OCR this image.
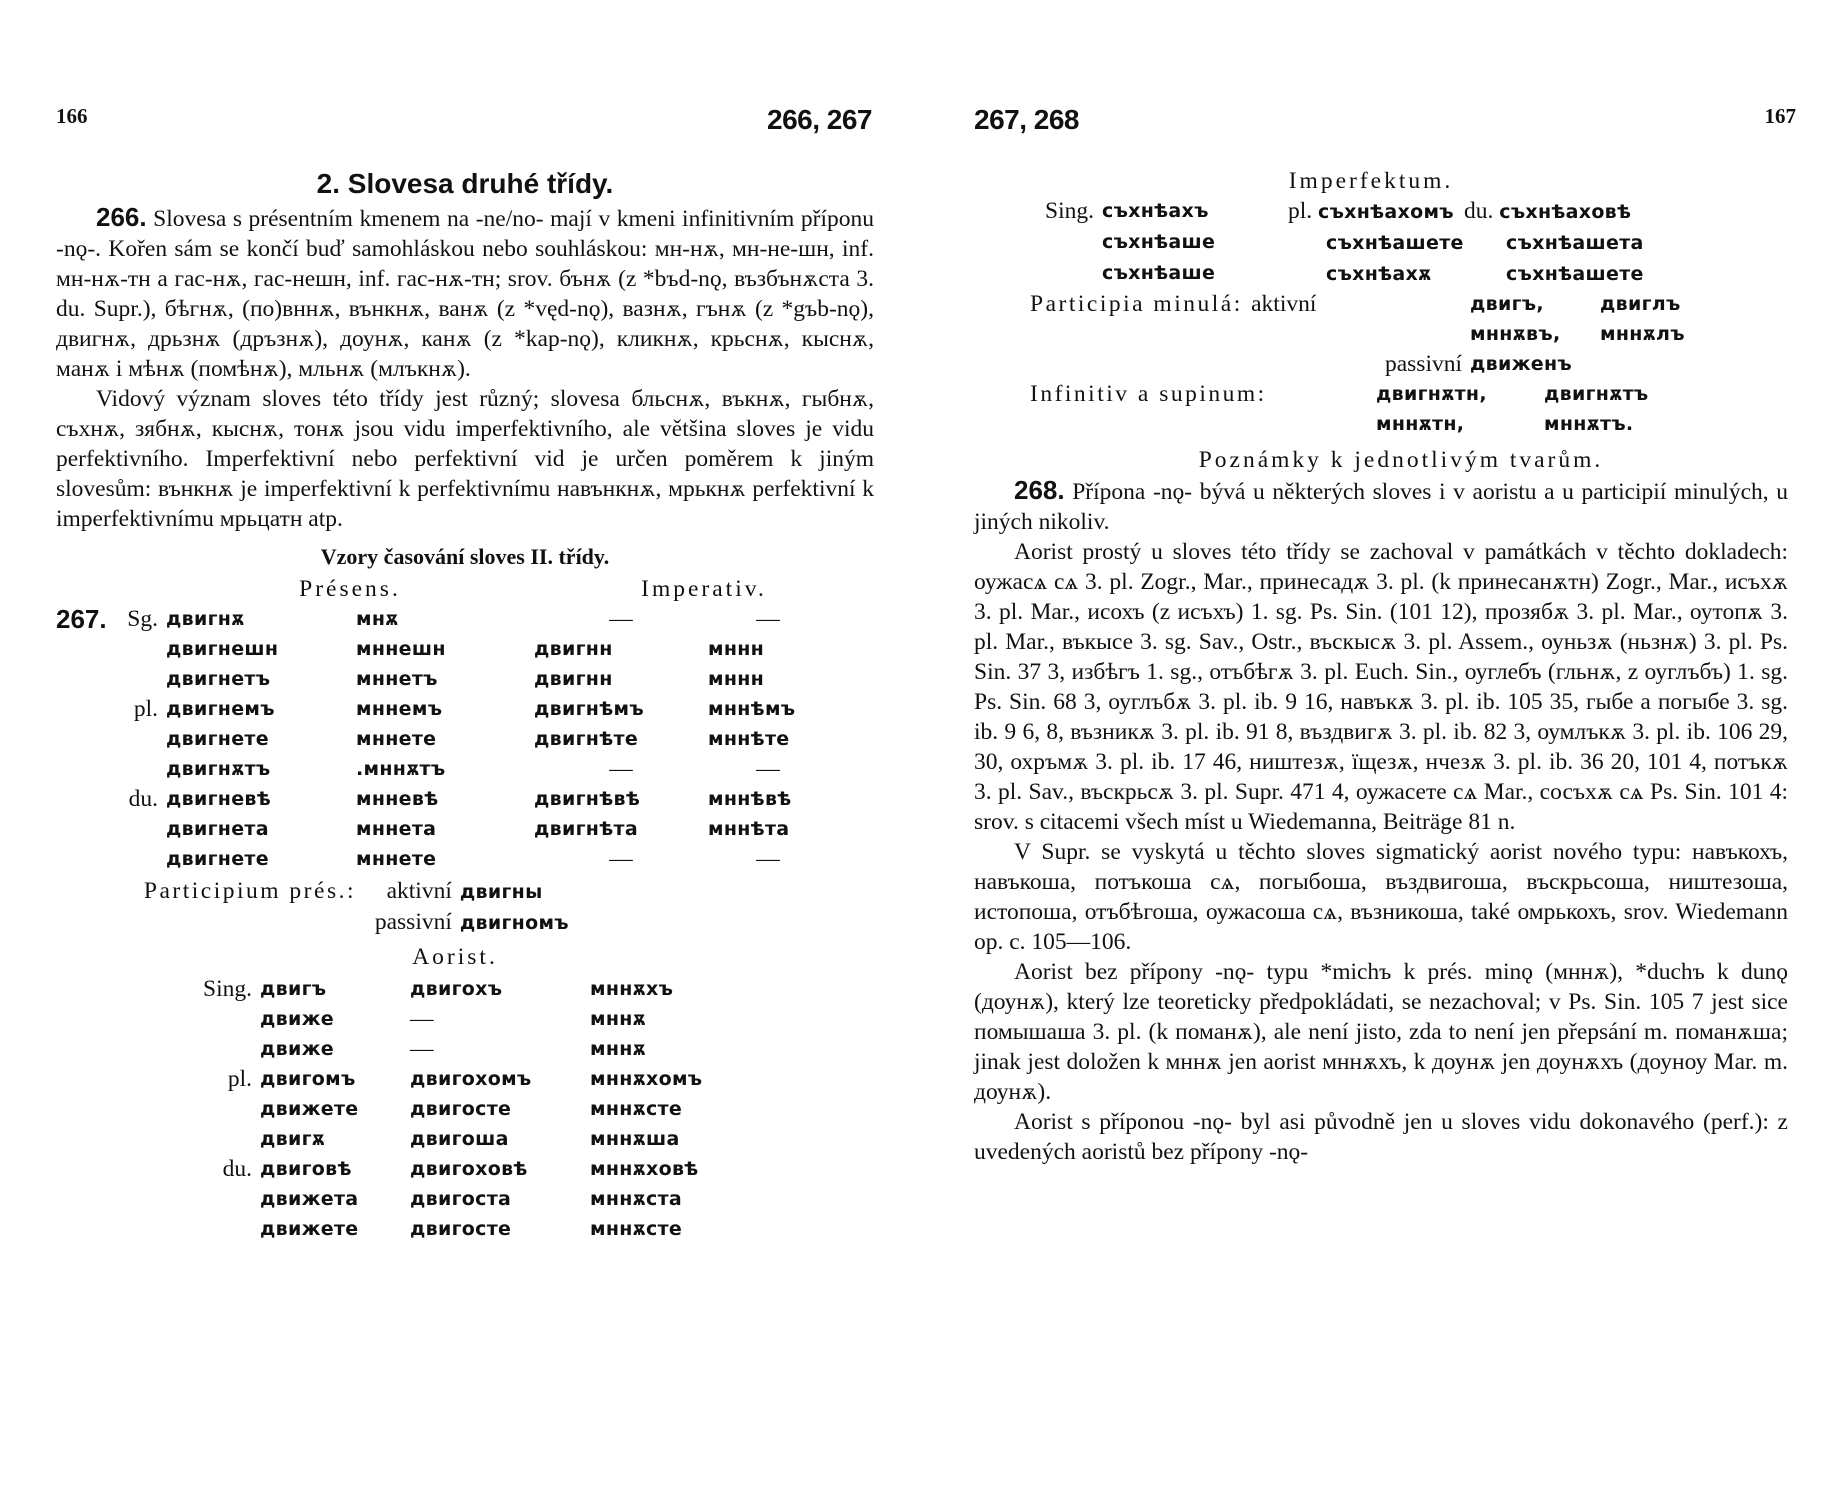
166	266, 267
2. Slovesa druhé třídy.

266. Slovesa s présentním kmenem na -ne/no- mají v kmeni infinitivním příponu -nǫ-. Kořen sám se končí buď samohláskou nebo souhláskou: мн-нѫ, мн-не-шн, inf. мн-нѫ-тн a гас-нѫ, гас-нешн, inf. гас-нѫ-тн; srov. бънѫ (z *bъd-nǫ, възбънѫста 3. du. Supr.), бѣгнѫ, (по)вннѫ, вънкнѫ, ванѫ (z *vęd-nǫ), вазнѫ, гънѫ (z *gъb-nǫ), двигнѫ, дрьзнѫ (дръзнѫ), доунѫ, канѫ (z *kap-nǫ), кликнѫ, крьснѫ, кыснѫ, манѫ i мѣнѫ (помѣнѫ), мльнѫ (млъкнѫ).

Vidový význam sloves této třídy jest různý; slovesa бльснѫ, въкнѫ, гыбнѫ, съхнѫ, зябнѫ, кыснѫ, тонѫ jsou vidu imperfektivního, ale většina sloves je vidu perfektivního. Imperfektivní nebo perfektivní vid je určen poměrem k jiným slovesům: вънкнѫ je imperfektivní k perfektivnímu навънкнѫ, мрькнѫ perfektivní k imperfektivnímu мрьцатн atp.

Vzory časování sloves II. třídy.
Présens.	Imperativ.
267. Sg. двигнѫ	мнѫ	—	—
двигнешн	мннешн	двигнн	мннн
двигнетъ	мннетъ	двигнн	мннн
pl. двигнемъ	мннемъ	двигнѣмъ	мннѣмъ
двигнете	мннете	двигнѣте	мннѣте
двигнѫтъ	.мннѫтъ	—	—
du. двигневѣ	мнневѣ	двигнѣвѣ	мннѣвѣ
двигнета	мннета	двигнѣта	мннѣта
двигнете	мннете	—	—
Participium prés.: aktivní двигны
passivní двигномъ
Aorist.
Sing. двигъ	двигохъ	мннѫхъ
движе	—	мннѫ
движе	—	мннѫ
pl. двигомъ	двигохомъ	мннѫхомъ
движете	двигосте	мннѫсте
двигѫ	двигоша	мннѫша
du. двиговѣ	двигоховѣ	мннѫховѣ
движета	двигоста	мннѫста
движете	двигосте	мннѫсте
267, 268	167
Imperfektum.
Sing. съхнѣахъ	pl. съхнѣахомъ du. съхнѣаховѣ
съхнѣаше	съхнѣашете	съхнѣашета
съхнѣаше	съхнѣахѫ	съхнѣашете
Participia minulá: aktivní	двигъ,	двиглъ
мннѫвъ,	мннѫлъ
passivní движенъ
Infinitiv a supinum:	двигнѫтн,	двигнѫтъ
мннѫтн,	мннѫтъ.
Poznámky k jednotlivým tvarům.

268. Přípona -nǫ- bývá u některých sloves i v aoristu a u participií minulých, u jiných nikoliv.

Aorist prostý u sloves této třídy se zachoval v památkách v těchto dokladech: оужасѧ сѧ 3. pl. Zogr., Mar., принесадѫ 3. pl. (k принесанѫтн) Zogr., Mar., исъхѫ 3. pl. Mar., исохъ (z исъхъ) 1. sg. Ps. Sin. (101 12), прозябѫ 3. pl. Mar., оутопѫ 3. pl. Mar., въкысе 3. sg. Sav., Ostr., въскысѫ 3. pl. Assem., оуньзѫ (ньзнѫ) 3. pl. Ps. Sin. 37 3, избѣгъ 1. sg., отъбѣгѫ 3. pl. Euch. Sin., оуглебъ (гльнѫ, z оуглъбъ) 1. sg. Ps. Sin. 68 3, оуглъбѫ 3. pl. ib. 9 16, навъкѫ 3. pl. ib. 105 35, гыбе a погыбе 3. sg. ib. 9 6, 8, възникѫ 3. pl. ib. 91 8, въздвигѫ 3. pl. ib. 82 3, оумлъкѫ 3. pl. ib. 106 29, 30, охръмѫ 3. pl. ib. 17 46, ништезѫ, їщезѫ, нчезѫ 3. pl. ib. 36 20, 101 4, потъкѫ 3. pl. Sav., въскрьсѫ 3. pl. Supr. 471 4, оужасете сѧ Mar., сосъхѫ сѧ Ps. Sin. 101 4: srov. s citacemi všech míst u Wiedemanna, Beiträge 81 n.

V Supr. se vyskytá u těchto sloves sigmatický aorist nového typu: навъкохъ, навъкоша, потъкоша сѧ, погыбоша, въздвигоша, въскрьсоша, ништезоша, истопоша, отъбѣгоша, оужасоша сѧ, възникоша, také омрькохъ, srov. Wiedemann op. c. 105—106.

Aorist bez přípony -nǫ- typu *michъ k prés. minǫ (мннѫ), *duchъ k dunǫ (доунѫ), který lze teoreticky předpokládati, se nezachoval; v Ps. Sin. 105 7 jest sice помышаша 3. pl. (k поманѫ), ale není jisto, zda to není jen přepsání m. поманѫша; jinak jest doložen k мннѫ jen aorist мннѫхъ, k доунѫ jen доунѫхъ (доуноу Mar. m. доунѫ).

Aorist s příponou -nǫ- byl asi původně jen u sloves vidu dokonavého (perf.): z uvedených aoristů bez přípony -nǫ-
